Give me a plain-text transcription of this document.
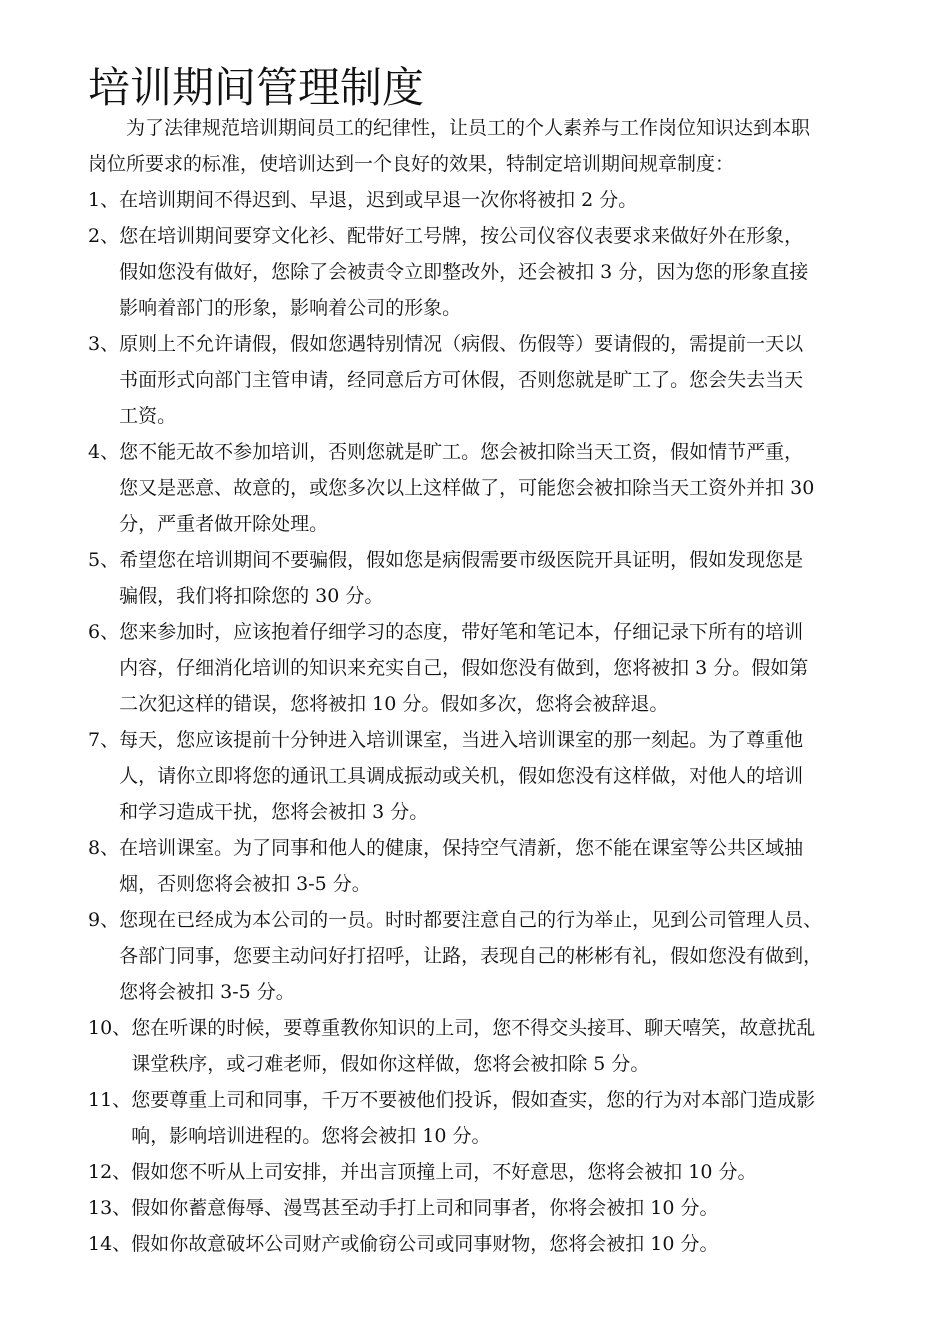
培训期间管理制度
为了法律规范培训期间员工的纪律性，让员工的个人素养与工作岗位知识达到本职
岗位所要求的标准，使培训达到一个良好的效果，特制定培训期间规章制度：
1、 在培训期间不得迟到、早退，迟到或早退一次你将被扣 2 分。
2、 您在培训期间要穿文化衫、配带好工号牌，按公司仪容仪表要求来做好外在形象，
假如您没有做好，您除了会被责令立即整改外，还会被扣 3 分，因为您的形象直接
影响着部门的形象，影响着公司的形象。
3、 原则上不允许请假，假如您遇特别情况（病假、伤假等）要请假的，需提前一天以
书面形式向部门主管申请，经同意后方可休假，否则您就是旷工了。您会失去当天
工资。
4、 您不能无故不参加培训，否则您就是旷工。您会被扣除当天工资，假如情节严重，
您又是恶意、故意的，或您多次以上这样做了，可能您会被扣除当天工资外并扣 30
分，严重者做开除处理。
5、 希望您在培训期间不要骗假，假如您是病假需要市级医院开具证明，假如发现您是
骗假，我们将扣除您的 30 分。
6、 您来参加时，应该抱着仔细学习的态度，带好笔和笔记本，仔细记录下所有的培训
内容，仔细消化培训的知识来充实自己，假如您没有做到，您将被扣 3 分。假如第
二次犯这样的错误，您将被扣 10 分。假如多次，您将会被辞退。
7、 每天，您应该提前十分钟进入培训课室，当进入培训课室的那一刻起。为了尊重他
人，请你立即将您的通讯工具调成振动或关机，假如您没有这样做，对他人的培训
和学习造成干扰，您将会被扣 3 分。
8、 在培训课室。为了同事和他人的健康，保持空气清新，您不能在课室等公共区域抽
烟，否则您将会被扣 3-5 分。
9、 您现在已经成为本公司的一员。时时都要注意自己的行为举止，见到公司管理人员、
各部门同事，您要主动问好打招呼，让路，表现自己的彬彬有礼，假如您没有做到，
您将会被扣 3-5 分。
10、 您在听课的时候，要尊重教你知识的上司，您不得交头接耳、聊天嘻笑，故意扰乱
课堂秩序，或刁难老师，假如你这样做，您将会被扣除 5 分。
11、 您要尊重上司和同事，千万不要被他们投诉，假如查实，您的行为对本部门造成影
响，影响培训进程的。您将会被扣 10 分。
12、 假如您不听从上司安排，并出言顶撞上司，不好意思，您将会被扣 10 分。
13、 假如你蓄意侮辱、漫骂甚至动手打上司和同事者，你将会被扣 10 分。
14、 假如你故意破坏公司财产或偷窃公司或同事财物，您将会被扣 10 分。
